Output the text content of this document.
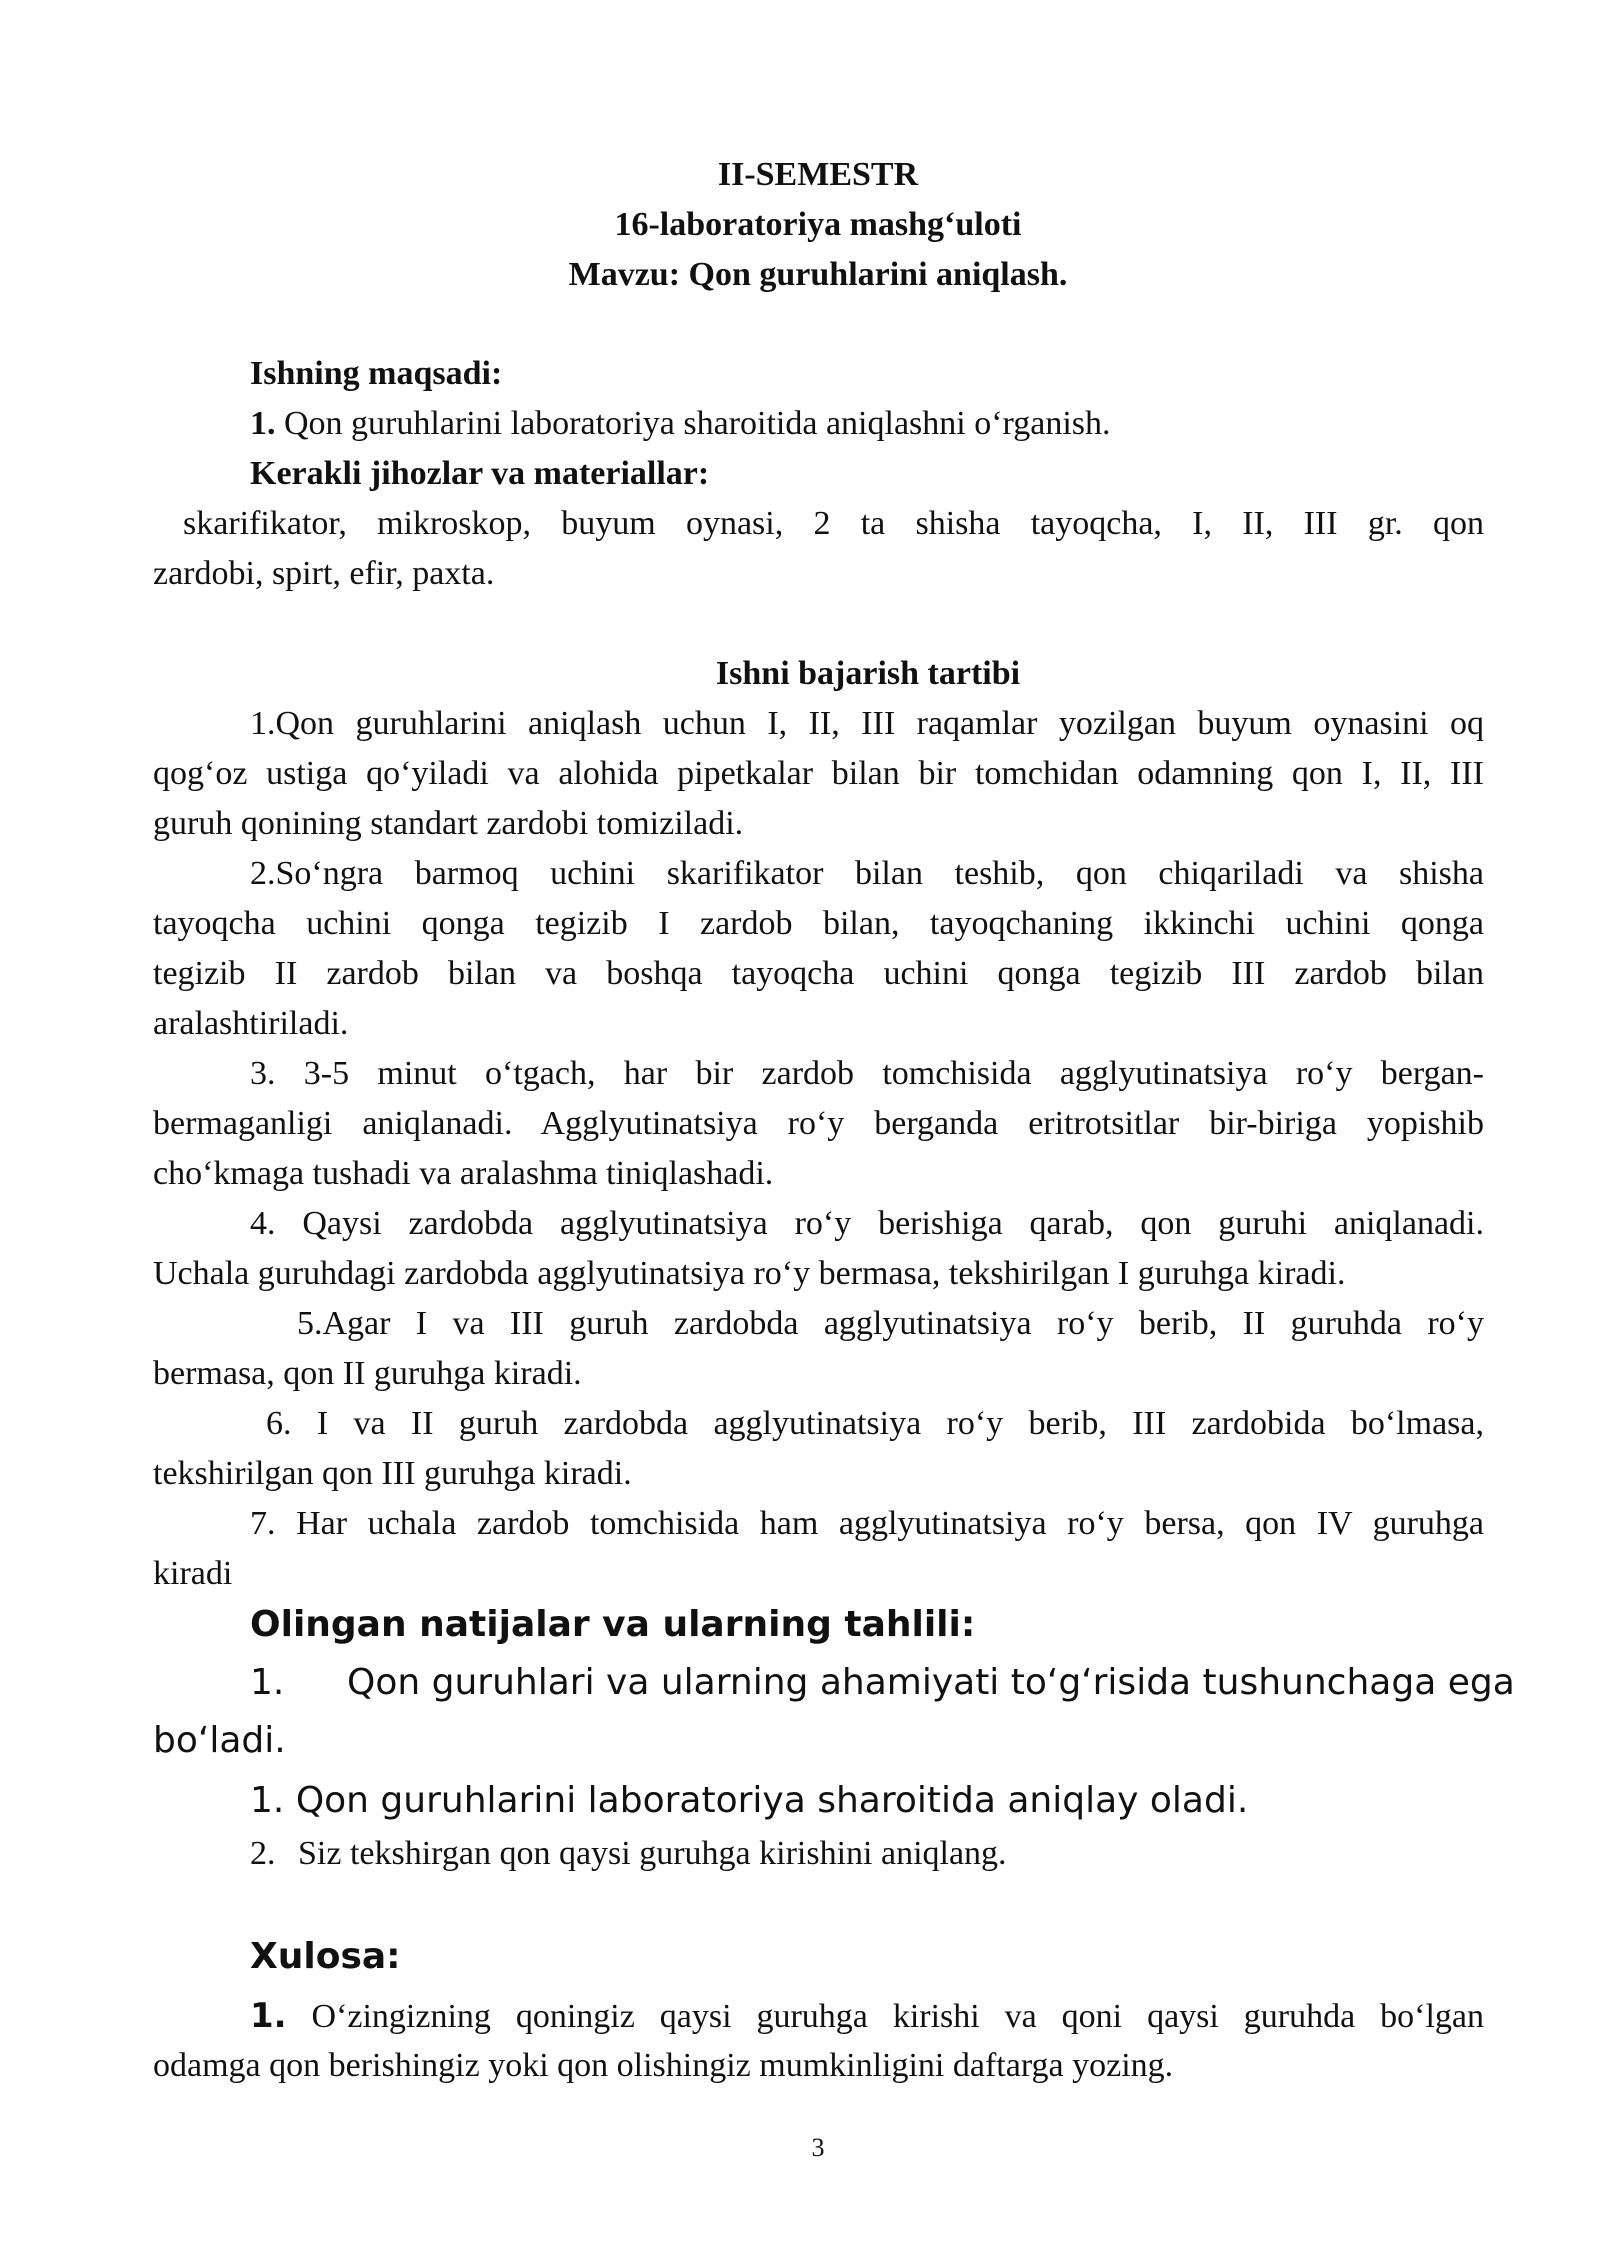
II-SEMESTR
16-laboratoriya mashg‘uloti
Mavzu: Qon guruhlarini aniqlash.
Ishning maqsadi:
1. Qon guruhlarini laboratoriya sharoitida aniqlashni o‘rganish.
Kerakli jihozlar va materiallar:
skarifikator, mikroskop, buyum oynasi, 2 ta shisha tayoqcha, I, II, III gr. qon
zardobi, spirt, efir, paxta.
Ishni bajarish tartibi
1.Qon guruhlarini aniqlash uchun I, II, III raqamlar yozilgan buyum oynasini oq
qog‘oz ustiga qo‘yiladi va alohida pipetkalar bilan bir tomchidan odamning qon I, II, III
guruh qonining standart zardobi tomiziladi.
2.So‘ngra barmoq uchini skarifikator bilan teshib, qon chiqariladi va shisha
tayoqcha uchini qonga tegizib I zardob bilan, tayoqchaning ikkinchi uchini qonga
tegizib II zardob bilan va boshqa tayoqcha uchini qonga tegizib III zardob bilan
aralashtiriladi.
3. 3-5 minut o‘tgach, har bir zardob tomchisida agglyutinatsiya ro‘y bergan-
bermaganligi aniqlanadi. Agglyutinatsiya ro‘y berganda eritrotsitlar bir-biriga yopishib
cho‘kmaga tushadi va aralashma tiniqlashadi.
4. Qaysi zardobda agglyutinatsiya ro‘y berishiga qarab, qon guruhi aniqlanadi.
Uchala guruhdagi zardobda agglyutinatsiya ro‘y bermasa, tekshirilgan I guruhga kiradi.
5.Agar I va III guruh zardobda agglyutinatsiya ro‘y berib, II guruhda ro‘y
bermasa, qon II guruhga kiradi.
6. I va II guruh zardobda agglyutinatsiya ro‘y berib, III zardobida bo‘lmasa,
tekshirilgan qon III guruhga kiradi.
7. Har uchala zardob tomchisida ham agglyutinatsiya ro‘y bersa, qon IV guruhga
kiradi
Olingan natijalar va ularning tahlili:
1. Qon guruhlari va ularning ahamiyati to‘g‘risida tushunchaga ega
bo‘ladi.
1. Qon guruhlarini laboratoriya sharoitida aniqlay oladi.
2. Siz tekshirgan qon qaysi guruhga kirishini aniqlang.
Xulosa:
1. O‘zingizning qoningiz qaysi guruhga kirishi va qoni qaysi guruhda bo‘lgan
odamga qon berishingiz yoki qon olishingiz mumkinligini daftarga yozing.
3
